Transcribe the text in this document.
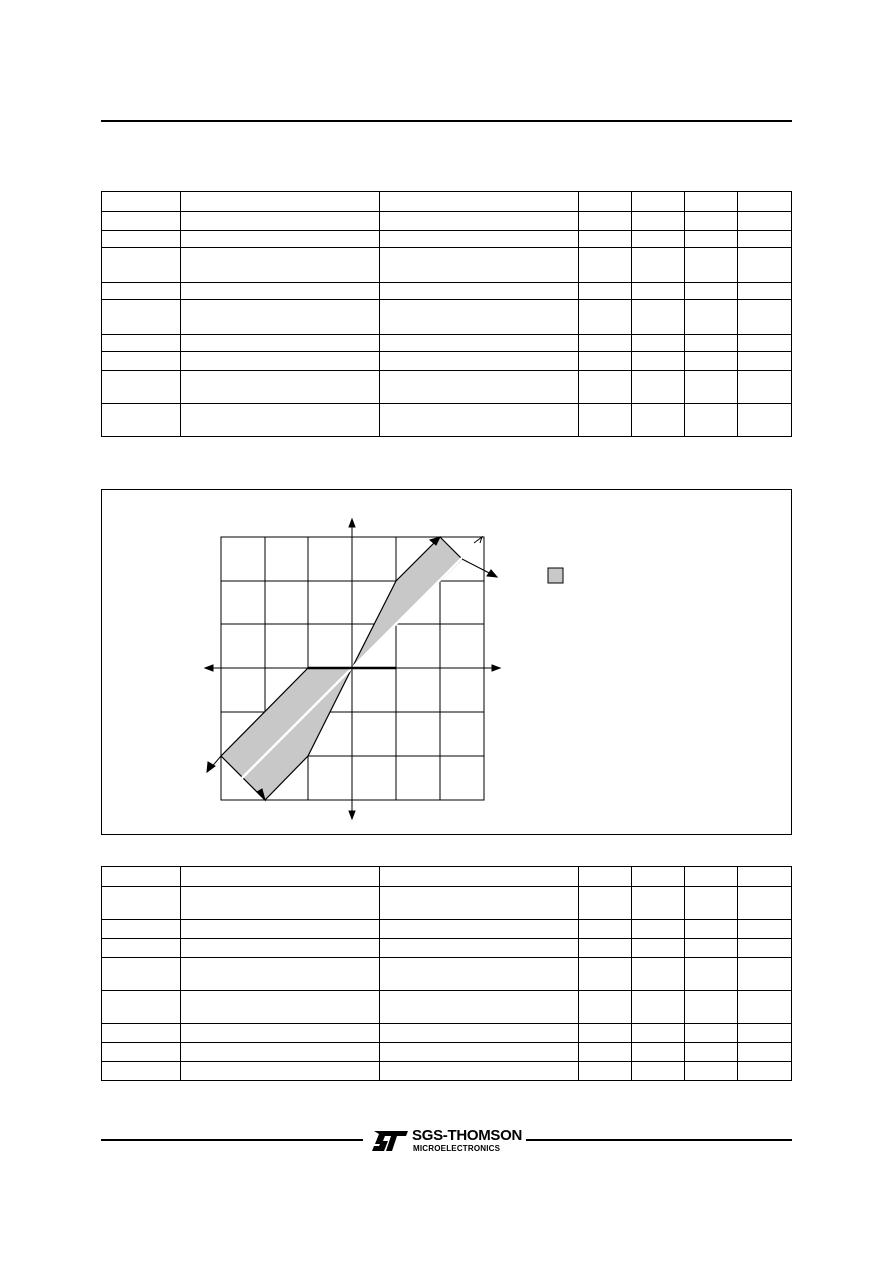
SGS-THOMSON
MICROELECTRONICS
